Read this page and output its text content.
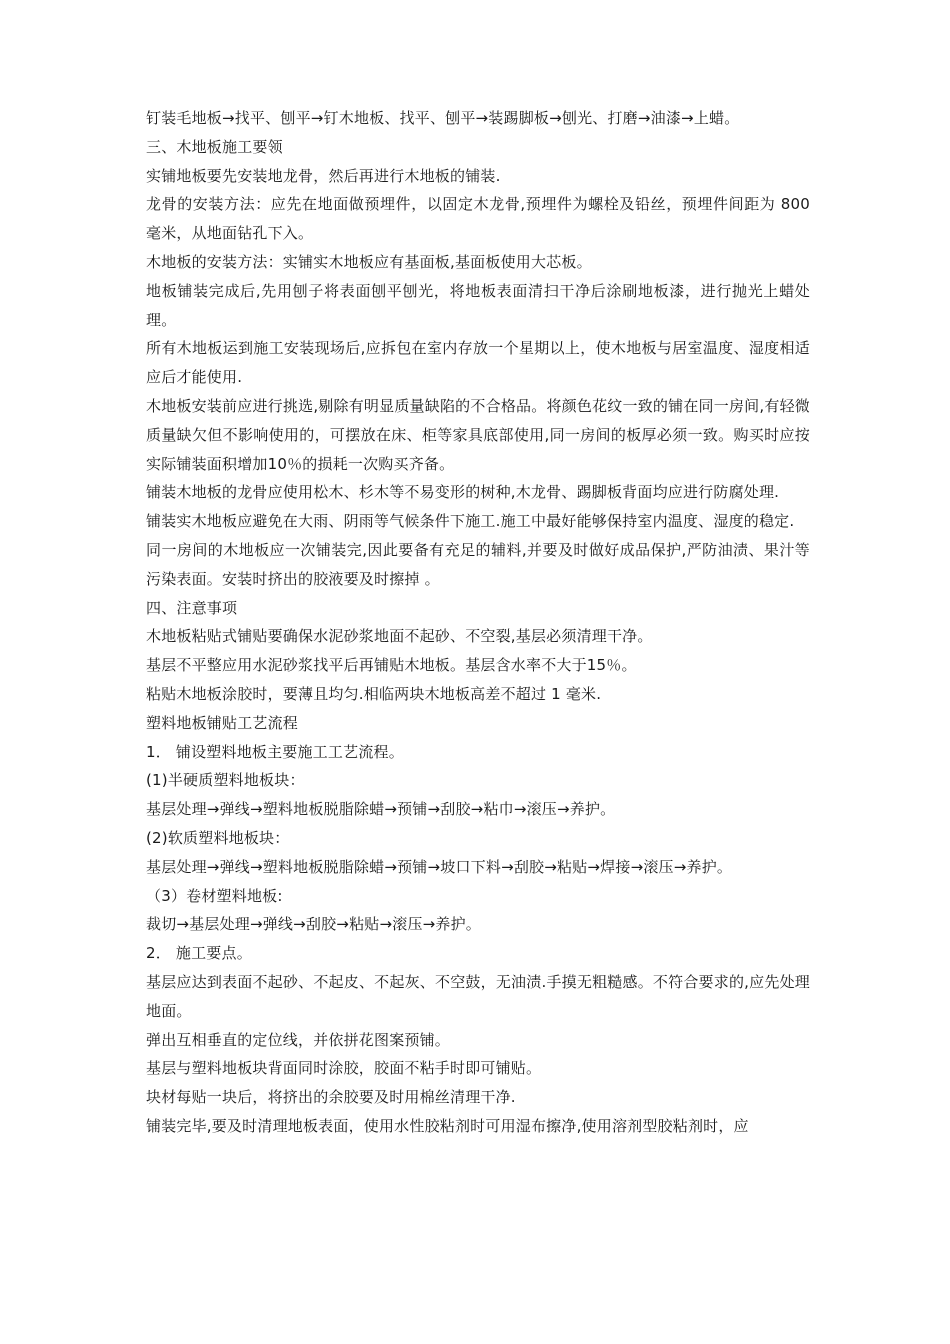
钉装毛地板→找平、刨平→钉木地板、找平、刨平→装踢脚板→刨光、打磨→油漆→上蜡。

三、木地板施工要领

实铺地板要先安装地龙骨，然后再进行木地板的铺装.

龙骨的安装方法：应先在地面做预埋件，以固定木龙骨,预埋件为螺栓及铅丝，预埋件间距为 800 毫米，从地面钻孔下入。

木地板的安装方法：实铺实木地板应有基面板,基面板使用大芯板。

地板铺装完成后,先用刨子将表面刨平刨光，将地板表面清扫干净后涂刷地板漆，进行抛光上蜡处理。

所有木地板运到施工安装现场后,应拆包在室内存放一个星期以上，使木地板与居室温度、湿度相适应后才能使用.

木地板安装前应进行挑选,剔除有明显质量缺陷的不合格品。将颜色花纹一致的铺在同一房间,有轻微质量缺欠但不影响使用的，可摆放在床、柜等家具底部使用,同一房间的板厚必须一致。购买时应按实际铺装面积增加10％的损耗一次购买齐备。

铺装木地板的龙骨应使用松木、杉木等不易变形的树种,木龙骨、踢脚板背面均应进行防腐处理.

铺装实木地板应避免在大雨、阴雨等气候条件下施工.施工中最好能够保持室内温度、湿度的稳定.

同一房间的木地板应一次铺装完,因此要备有充足的辅料,并要及时做好成品保护,严防油渍、果汁等污染表面。安装时挤出的胶液要及时擦掉 。

四、注意事项

木地板粘贴式铺贴要确保水泥砂浆地面不起砂、不空裂,基层必须清理干净。

基层不平整应用水泥砂浆找平后再铺贴木地板。基层含水率不大于15％。

粘贴木地板涂胶时，要薄且均匀.相临两块木地板高差不超过 1 毫米.

塑料地板铺贴工艺流程

1． 铺设塑料地板主要施工工艺流程。

(1)半硬质塑料地板块：

基层处理→弹线→塑料地板脱脂除蜡→预铺→刮胶→粘巾→滚压→养护。

(2)软质塑料地板块：

基层处理→弹线→塑料地板脱脂除蜡→预铺→坡口下料→刮胶→粘贴→焊接→滚压→养护。

（3）卷材塑料地板:

裁切→基层处理→弹线→刮胶→粘贴→滚压→养护。

2． 施工要点。

基层应达到表面不起砂、不起皮、不起灰、不空鼓，无油渍.手摸无粗糙感。不符合要求的,应先处理地面。

弹出互相垂直的定位线，并依拼花图案预铺。

基层与塑料地板块背面同时涂胶，胶面不粘手时即可铺贴。

块材每贴一块后，将挤出的余胶要及时用棉丝清理干净.

铺装完毕,要及时清理地板表面，使用水性胶粘剂时可用湿布擦净,使用溶剂型胶粘剂时，应
